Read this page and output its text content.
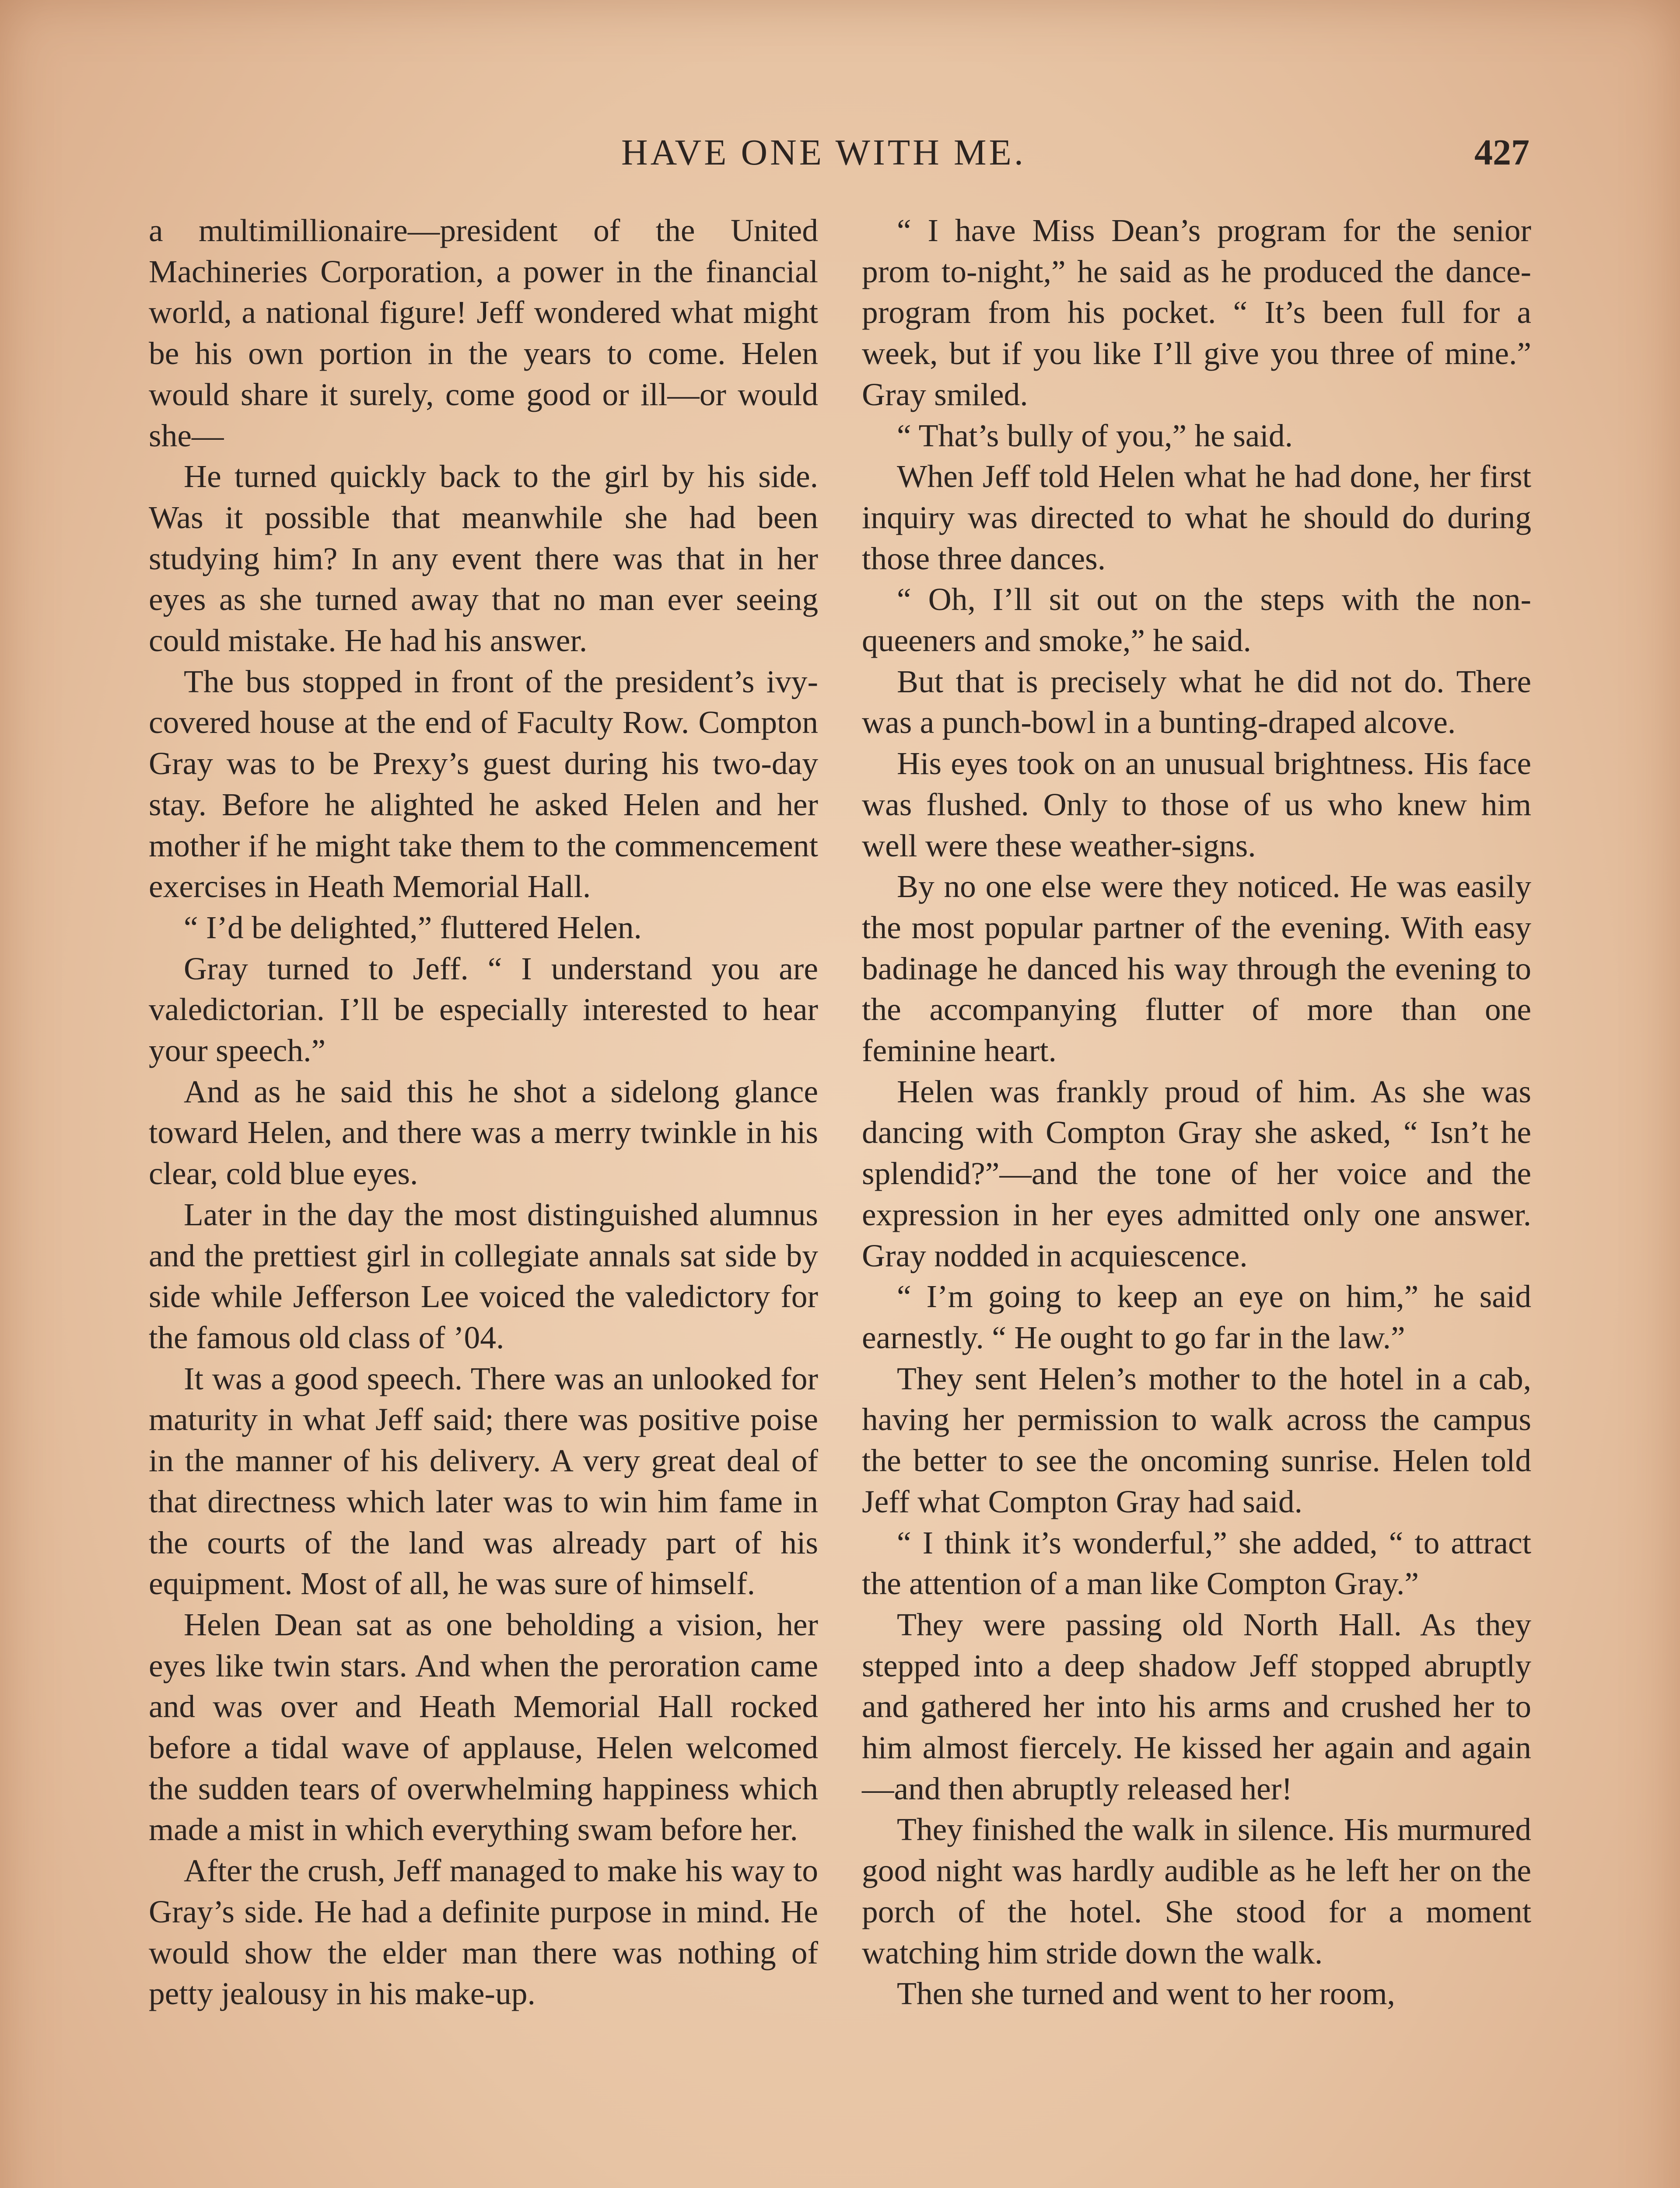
HAVE ONE WITH ME.	427

a multimillionaire—president of the United Machineries Corporation, a power in the financial world, a national figure! Jeff wondered what might be his own portion in the years to come. Helen would share it surely, come good or ill—or would she—

He turned quickly back to the girl by his side. Was it possible that meanwhile she had been studying him? In any event there was that in her eyes as she turned away that no man ever seeing could mistake. He had his answer.

The bus stopped in front of the president’s ivy-covered house at the end of Faculty Row. Compton Gray was to be Prexy’s guest during his two-day stay. Before he alighted he asked Helen and her mother if he might take them to the commencement exercises in Heath Memorial Hall.

“ I’d be delighted,” fluttered Helen.

Gray turned to Jeff. “ I understand you are valedictorian. I’ll be especially interested to hear your speech.”

And as he said this he shot a sidelong glance toward Helen, and there was a merry twinkle in his clear, cold blue eyes.

Later in the day the most distinguished alumnus and the prettiest girl in collegiate annals sat side by side while Jefferson Lee voiced the valedictory for the famous old class of ’04.

It was a good speech. There was an unlooked for maturity in what Jeff said; there was positive poise in the manner of his delivery. A very great deal of that directness which later was to win him fame in the courts of the land was already part of his equipment. Most of all, he was sure of himself.

Helen Dean sat as one beholding a vision, her eyes like twin stars. And when the peroration came and was over and Heath Memorial Hall rocked before a tidal wave of applause, Helen welcomed the sudden tears of overwhelming happiness which made a mist in which everything swam before her.

After the crush, Jeff managed to make his way to Gray’s side. He had a definite purpose in mind. He would show the elder man there was nothing of petty jealousy in his make-up.

“ I have Miss Dean’s program for the senior prom to-night,” he said as he produced the dance-program from his pocket. “ It’s been full for a week, but if you like I’ll give you three of mine.” Gray smiled.

“ That’s bully of you,” he said.

When Jeff told Helen what he had done, her first inquiry was directed to what he should do during those three dances.

“ Oh, I’ll sit out on the steps with the non-queeners and smoke,” he said.

But that is precisely what he did not do. There was a punch-bowl in a bunting-draped alcove.

His eyes took on an unusual brightness. His face was flushed. Only to those of us who knew him well were these weather-signs.

By no one else were they noticed. He was easily the most popular partner of the evening. With easy badinage he danced his way through the evening to the accompanying flutter of more than one feminine heart.

Helen was frankly proud of him. As she was dancing with Compton Gray she asked, “ Isn’t he splendid?”—and the tone of her voice and the expression in her eyes admitted only one answer. Gray nodded in acquiescence.

“ I’m going to keep an eye on him,” he said earnestly. “ He ought to go far in the law.”

They sent Helen’s mother to the hotel in a cab, having her permission to walk across the campus the better to see the oncoming sunrise. Helen told Jeff what Compton Gray had said.

“ I think it’s wonderful,” she added, “ to attract the attention of a man like Compton Gray.”

They were passing old North Hall. As they stepped into a deep shadow Jeff stopped abruptly and gathered her into his arms and crushed her to him almost fiercely. He kissed her again and again—and then abruptly released her!

They finished the walk in silence. His murmured good night was hardly audible as he left her on the porch of the hotel. She stood for a moment watching him stride down the walk.

Then she turned and went to her room,
